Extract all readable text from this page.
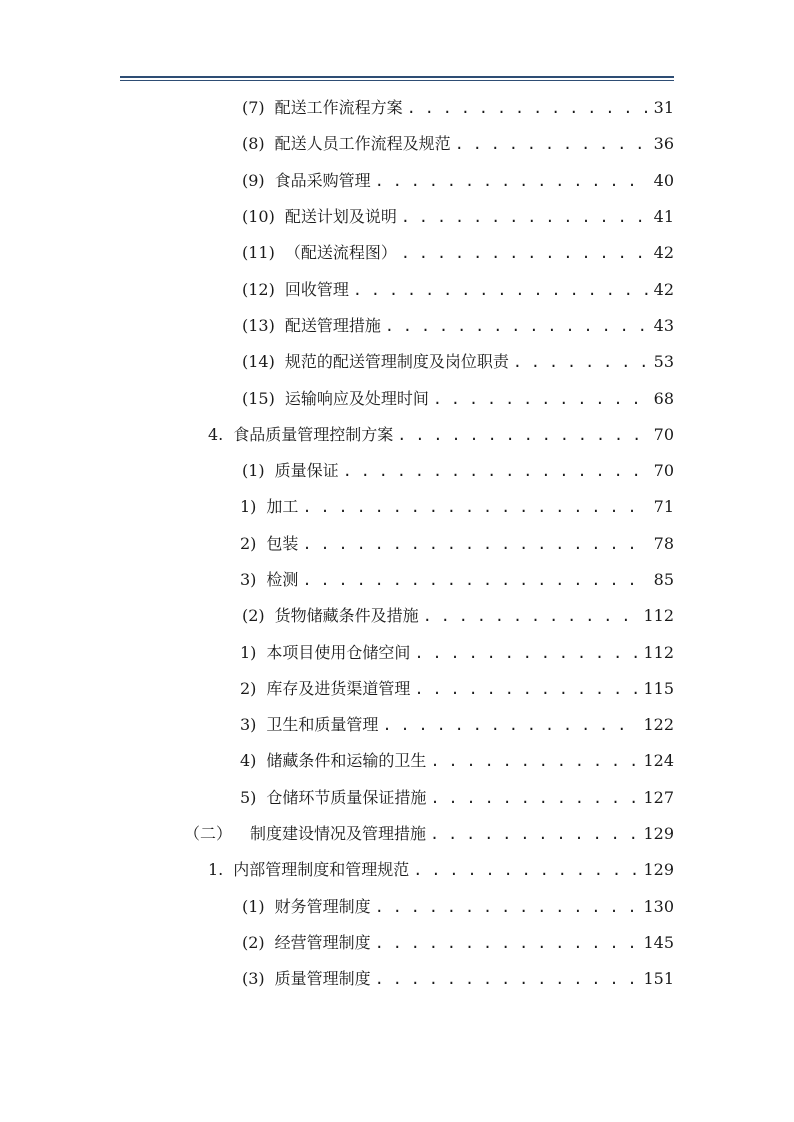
(7) 配送工作流程方案 . . .	31
(8) 配送人员工作流程及规范 . . .	36
(9) 食品采购管理 . . .	40
(10) 配送计划及说明 . . .	41
(11) （配送流程图） . . .	42
(12) 回收管理 . . .	42
(13) 配送管理措施 . . .	43
(14) 规范的配送管理制度及岗位职责 . . .	53
(15) 运输响应及处理时间 . . .	68
4. 食品质量管理控制方案 . . .	70
(1) 质量保证 . . .	70
1) 加工 . . .	71
2) 包装 . . .	78
3) 检测 . . .	85
(2) 货物储藏条件及措施 . . .	112
1) 本项目使用仓储空间 . . .	112
2) 库存及进货渠道管理 . . .	115
3) 卫生和质量管理 . . .	122
4) 储藏条件和运输的卫生 . . .	124
5) 仓储环节质量保证措施 . . .	127
（二） 制度建设情况及管理措施 . . .	129
1. 内部管理制度和管理规范 . . .	129
(1) 财务管理制度 . . .	130
(2) 经营管理制度 . . .	145
(3) 质量管理制度 . . .	151
